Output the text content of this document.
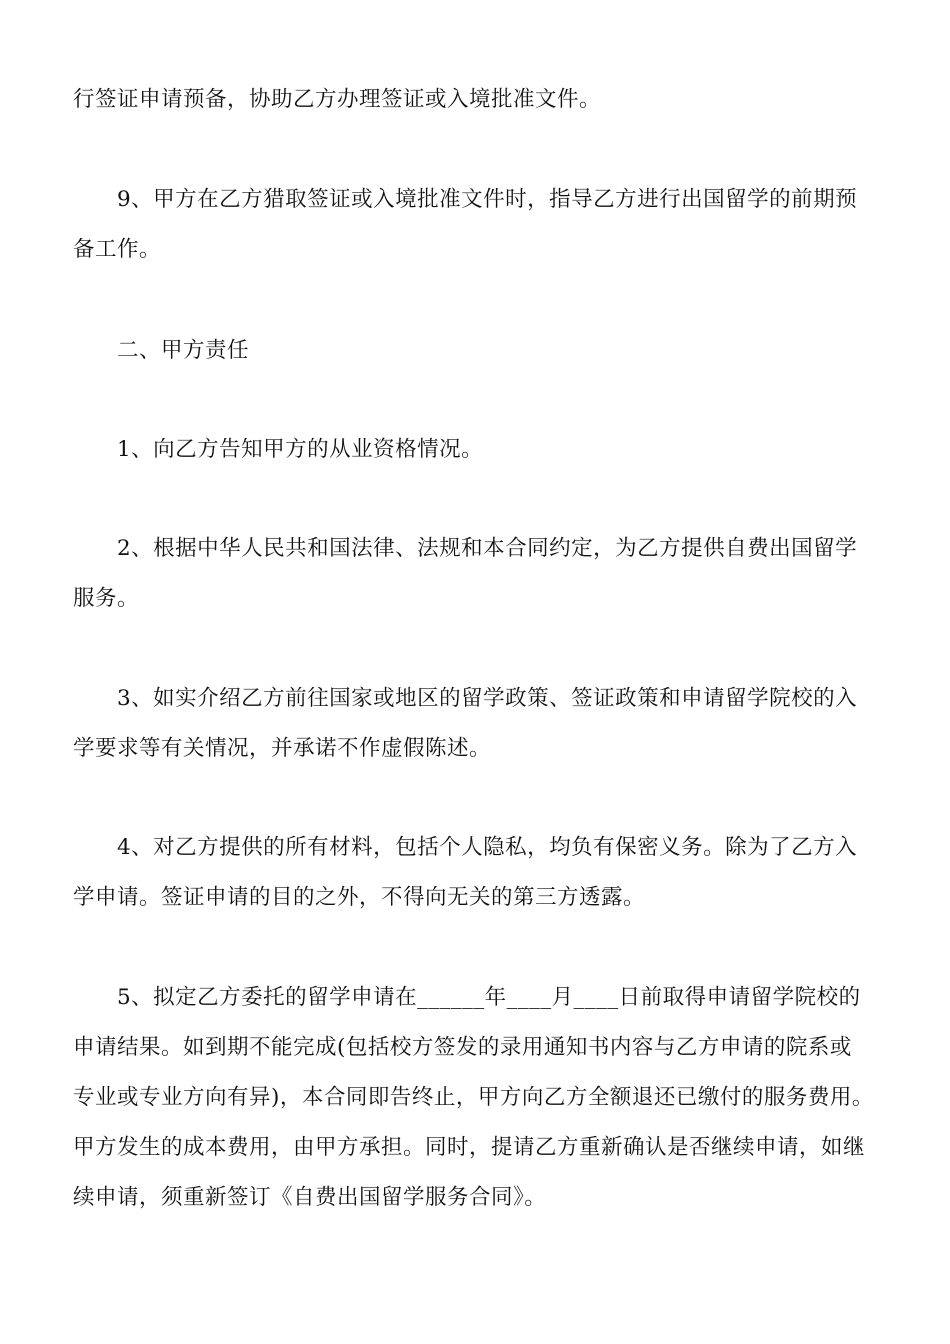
行签证申请预备，协助乙方办理签证或入境批准文件。

9、甲方在乙方猎取签证或入境批准文件时，指导乙方进行出国留学的前期预
备工作。

二、甲方责任

1、向乙方告知甲方的从业资格情况。

2、根据中华人民共和国法律、法规和本合同约定，为乙方提供自费出国留学
服务。

3、如实介绍乙方前往国家或地区的留学政策、签证政策和申请留学院校的入
学要求等有关情况，并承诺不作虚假陈述。

4、对乙方提供的所有材料，包括个人隐私，均负有保密义务。除为了乙方入
学申请。签证申请的目的之外，不得向无关的第三方透露。

5、拟定乙方委托的留学申请在______年____月____日前取得申请留学院校的
申请结果。如到期不能完成(包括校方签发的录用通知书内容与乙方申请的院系或
专业或专业方向有异)，本合同即告终止，甲方向乙方全额退还已缴付的服务费用。
甲方发生的成本费用，由甲方承担。同时，提请乙方重新确认是否继续申请，如继
续申请，须重新签订《自费出国留学服务合同》。
